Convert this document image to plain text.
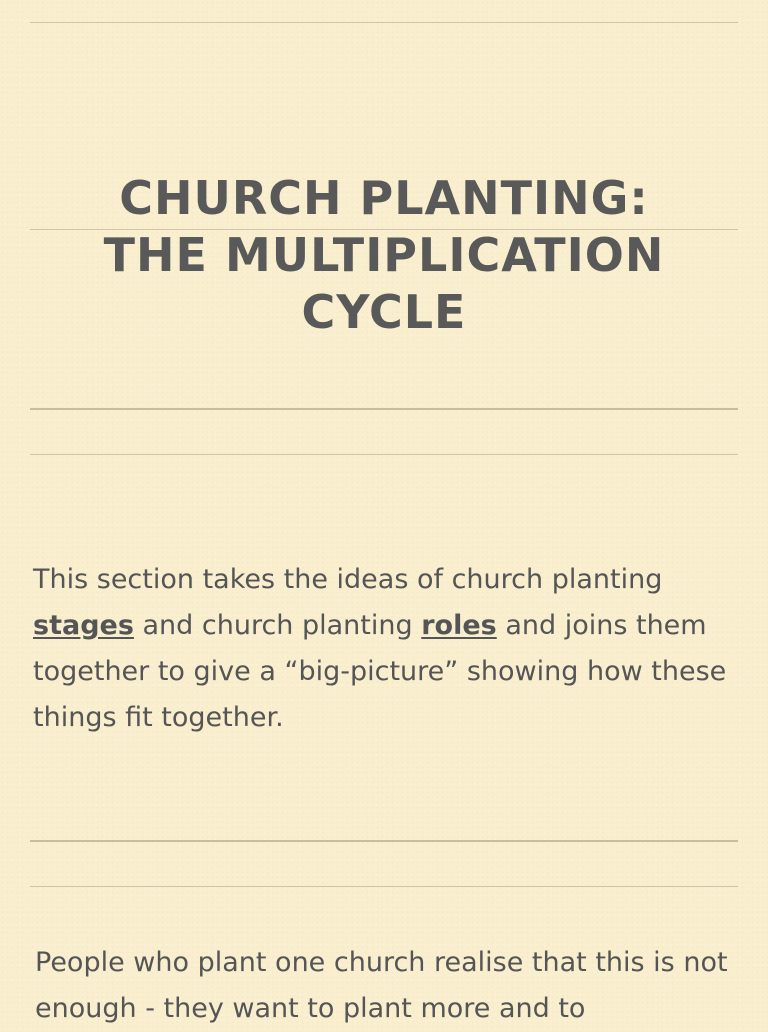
CHURCH PLANTING:
THE MULTIPLICATION
CYCLE

This section takes the ideas of church planting stages and church planting roles and joins them together to give a “big-picture” showing how these things fit together.

People who plant one church realise that this is not enough - they want to plant more and to
